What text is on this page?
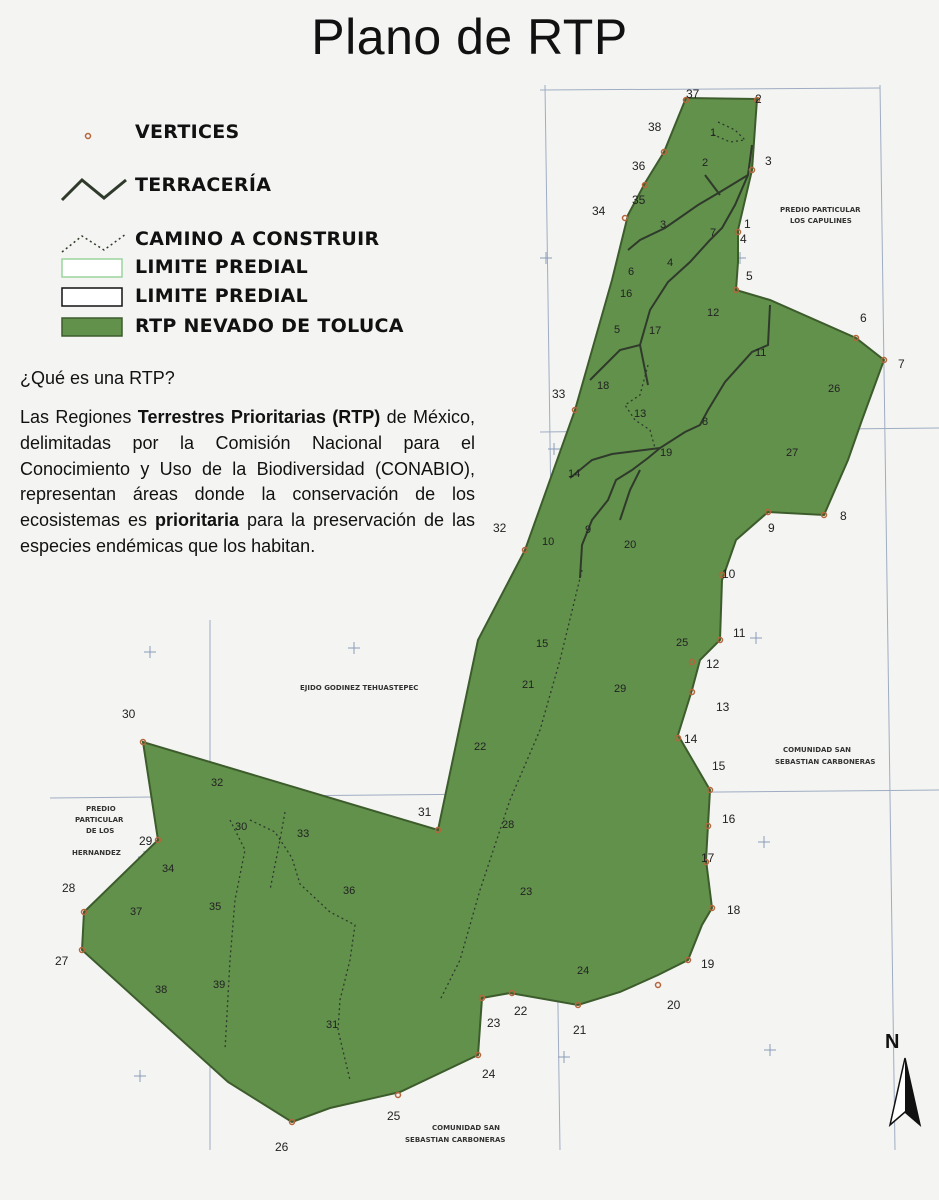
37	2
3
4
5
6
7
8
9
10
11
12
13
14
15
16
17
18
19
20
21
22
23
24
25
26
27
28
29
30
31
32
33
34
35
36
38
1
1
2
3
4
5
6
7
8
9
10
11
12
13
14
15
16
17
18
19
20
21
22
23
24
25
26
27
28
29
30
31
32
33
34
35
36
37
38	39
PREDIO PARTICULAR
LOS CAPULINES
EJIDO GODINEZ TEHUASTEPEC
COMUNIDAD SAN
SEBASTIAN CARBONERAS
PREDIO
PARTICULAR
DE LOS
HERNANDEZ
COMUNIDAD SAN
SEBASTIAN CARBONERAS
N
Plano de RTP
VERTICES
TERRACERÍA
CAMINO A CONSTRUIR
LIMITE PREDIAL
LIMITE PREDIAL
RTP NEVADO DE TOLUCA
¿Qué es una RTP?
Las Regiones Terrestres Prioritarias (RTP) de México, delimitadas por la Comisión Nacional para el Conocimiento y Uso de la Biodiversidad (CONABIO), representan áreas donde la conservación de los ecosistemas es prioritaria para la preservación de las especies endémicas que los habitan.
